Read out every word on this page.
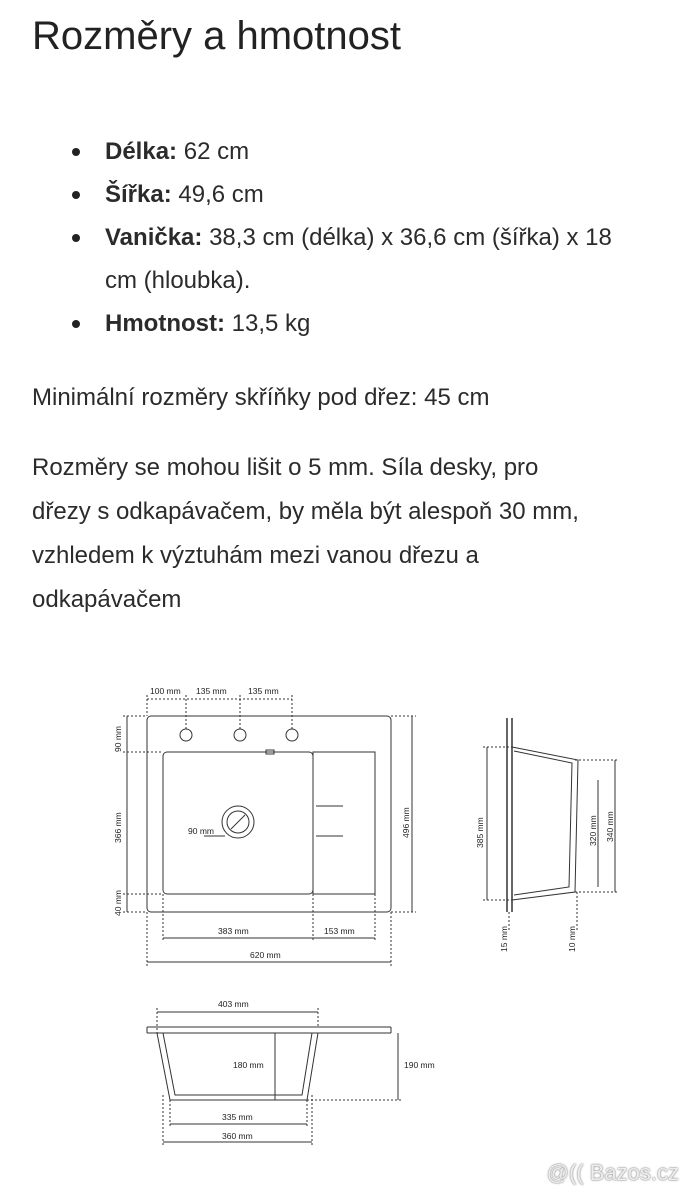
Rozměry a hmotnost
Délka: 62 cm
Šířka: 49,6 cm
Vanička: 38,3 cm (délka) x 36,6 cm (šířka) x 18
cm (hloubka).
Hmotnost: 13,5 kg

Minimální rozměry skříňky pod dřez: 45 cm

Rozměry se mohou lišit o 5 mm. Síla desky, pro
dřezy s odkapávačem, by měla být alespoň 30 mm,
vzhledem k výztuhám mezi vanou dřezu a
odkapávačem

100 mm 135 mm	135 mm
90 mm
366 mm
40 mm
496 mm
90 mm
383 mm	153 mm
620 mm
385 mm	320 mm 340 mm
15 mm	10 mm
403 mm
180 mm	190 mm
335 mm
360 mm
@(( Bazos.cz
